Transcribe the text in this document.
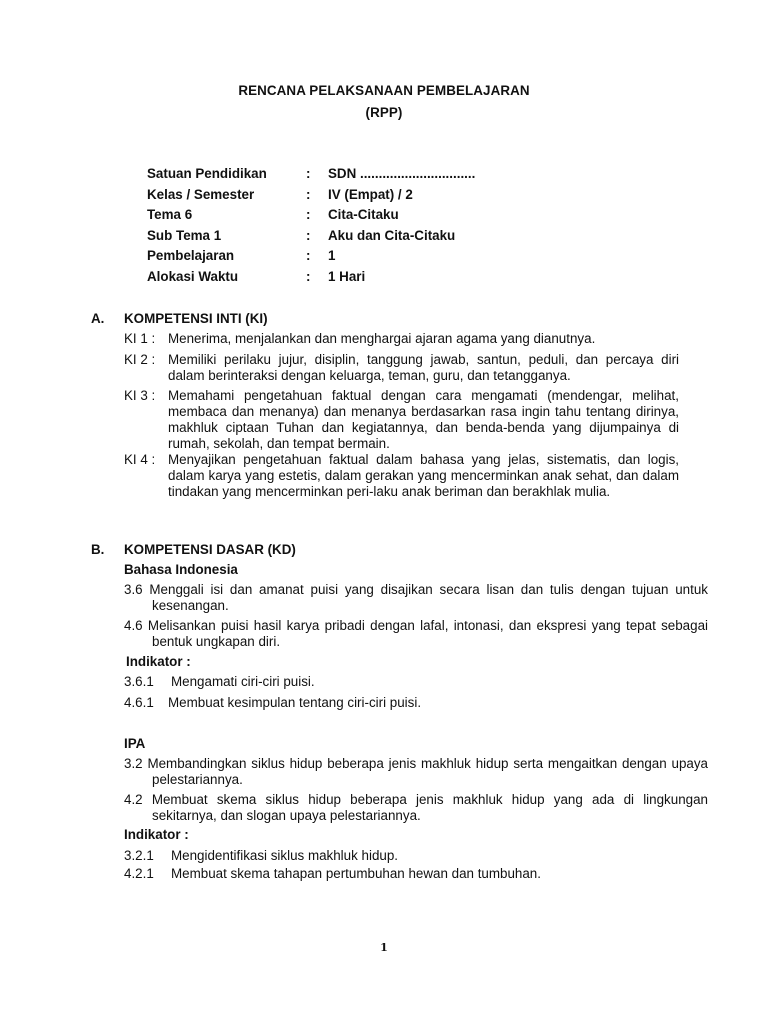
RENCANA PELAKSANAAN PEMBELAJARAN
(RPP)
Satuan Pendidikan	:	SDN ...............................
Kelas / Semester	:	IV (Empat) / 2
Tema 6	:	Cita-Citaku
Sub Tema 1	:	Aku dan Cita-Citaku
Pembelajaran	:	1
Alokasi Waktu	:	1 Hari
A. KOMPETENSI INTI (KI)
KI 1 : Menerima, menjalankan dan menghargai ajaran agama yang dianutnya.
KI 2 : Memiliki perilaku jujur, disiplin, tanggung jawab, santun, peduli, dan percaya diri dalam berinteraksi dengan keluarga, teman, guru, dan tetangganya.
KI 3 : Memahami pengetahuan faktual dengan cara mengamati (mendengar, melihat, membaca dan menanya) dan menanya berdasarkan rasa ingin tahu tentang dirinya, makhluk ciptaan Tuhan dan kegiatannya, dan benda-benda yang dijumpainya di rumah, sekolah, dan tempat bermain.
KI 4 : Menyajikan pengetahuan faktual dalam bahasa yang jelas, sistematis, dan logis, dalam karya yang estetis, dalam gerakan yang mencerminkan anak sehat, dan dalam tindakan yang mencerminkan peri-laku anak beriman dan berakhlak mulia.
B. KOMPETENSI DASAR (KD)
Bahasa Indonesia
3.6 Menggali isi dan amanat puisi yang disajikan secara lisan dan tulis dengan tujuan untuk kesenangan.
4.6 Melisankan puisi hasil karya pribadi dengan lafal, intonasi, dan ekspresi yang tepat sebagai bentuk ungkapan diri.
Indikator :
3.6.1	Mengamati ciri-ciri puisi.
4.6.1	Membuat kesimpulan tentang ciri-ciri puisi.
IPA
3.2 Membandingkan siklus hidup beberapa jenis makhluk hidup serta mengaitkan dengan upaya pelestariannya.
4.2 Membuat skema siklus hidup beberapa jenis makhluk hidup yang ada di lingkungan sekitarnya, dan slogan upaya pelestariannya.
Indikator :
3.2.1	Mengidentifikasi siklus makhluk hidup.
4.2.1	Membuat skema tahapan pertumbuhan hewan dan tumbuhan.
1
